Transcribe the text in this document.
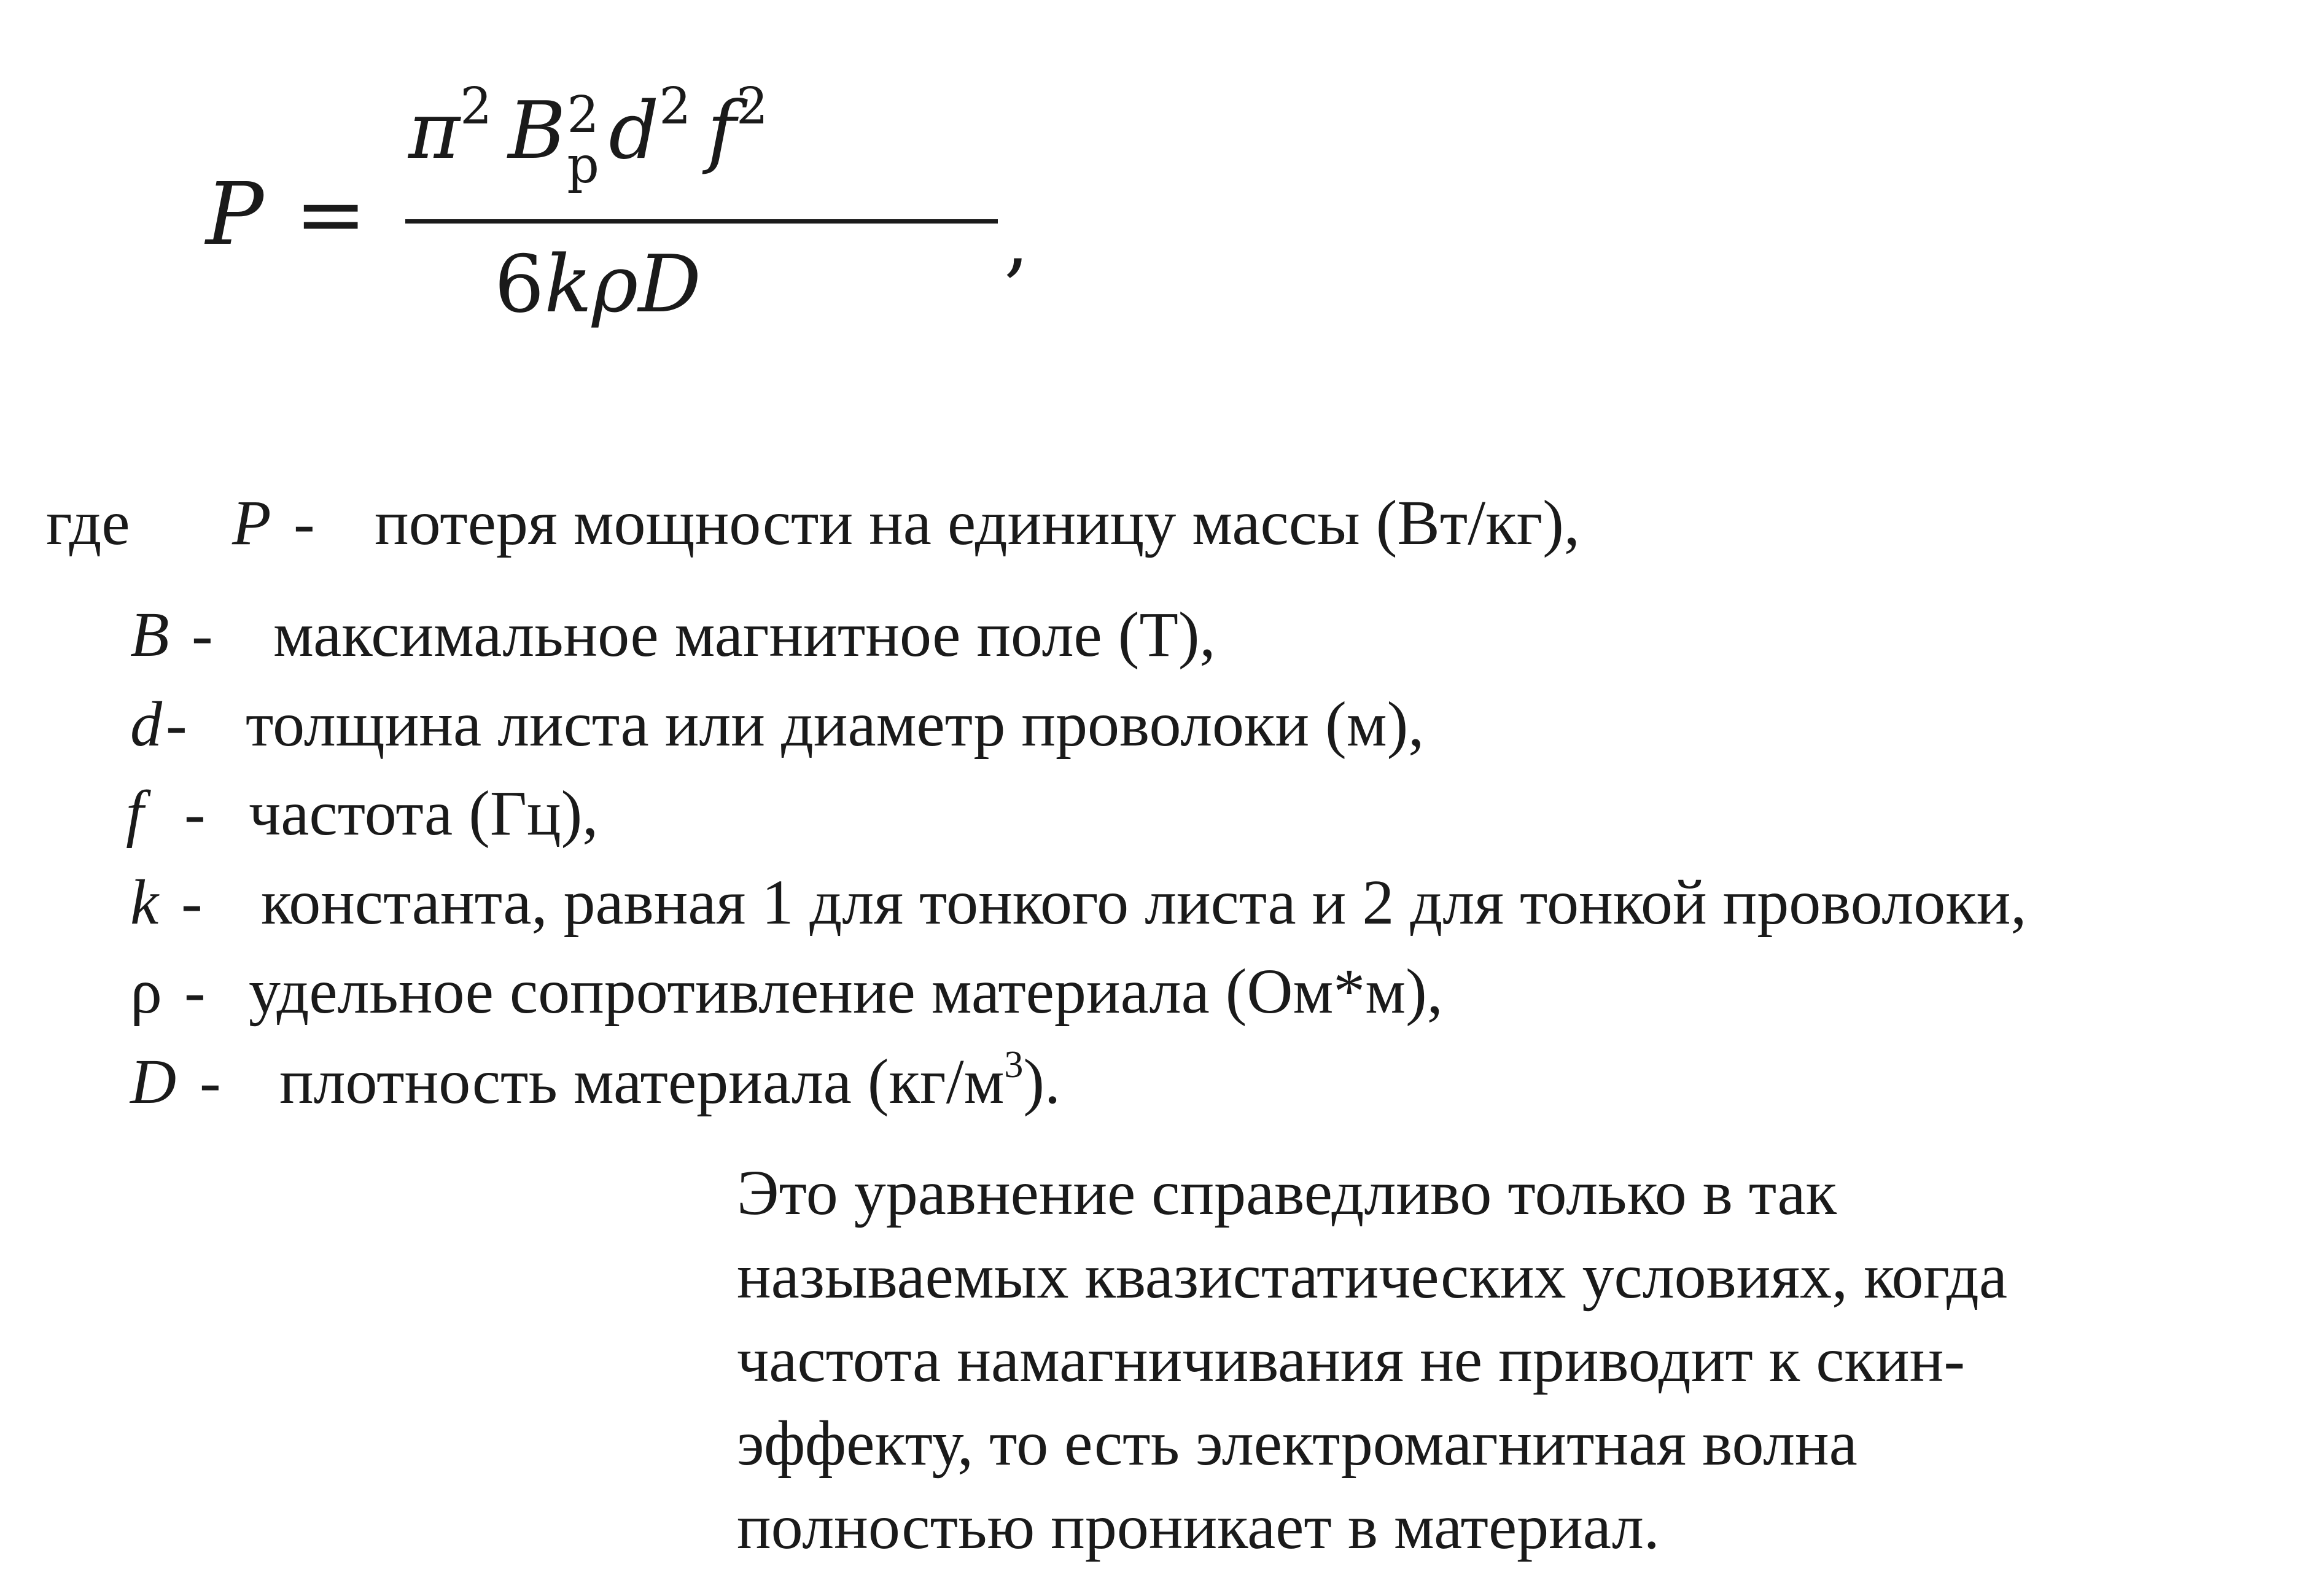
P =
$\pi^2$ B 2
р $d^2$ $f^2$
6kρD	,
где P - потеря мощности на единицу массы (Вт/кг),
B - максимальное магнитное поле (Т),
d - толщина листа или диаметр проволоки (м),
f - частота (Гц),
k - константа, равная 1 для тонкого листа и 2 для тонкой проволоки,
ρ - удельное сопротивление материала (Ом*м),
D - плотность материала $(кг/м^3)$.
Это уравнение справедливо только в так
называемых квазистатических условиях, когда
частота намагничивания не приводит к скин-
эффекту, то есть электромагнитная волна
полностью проникает в материал.
